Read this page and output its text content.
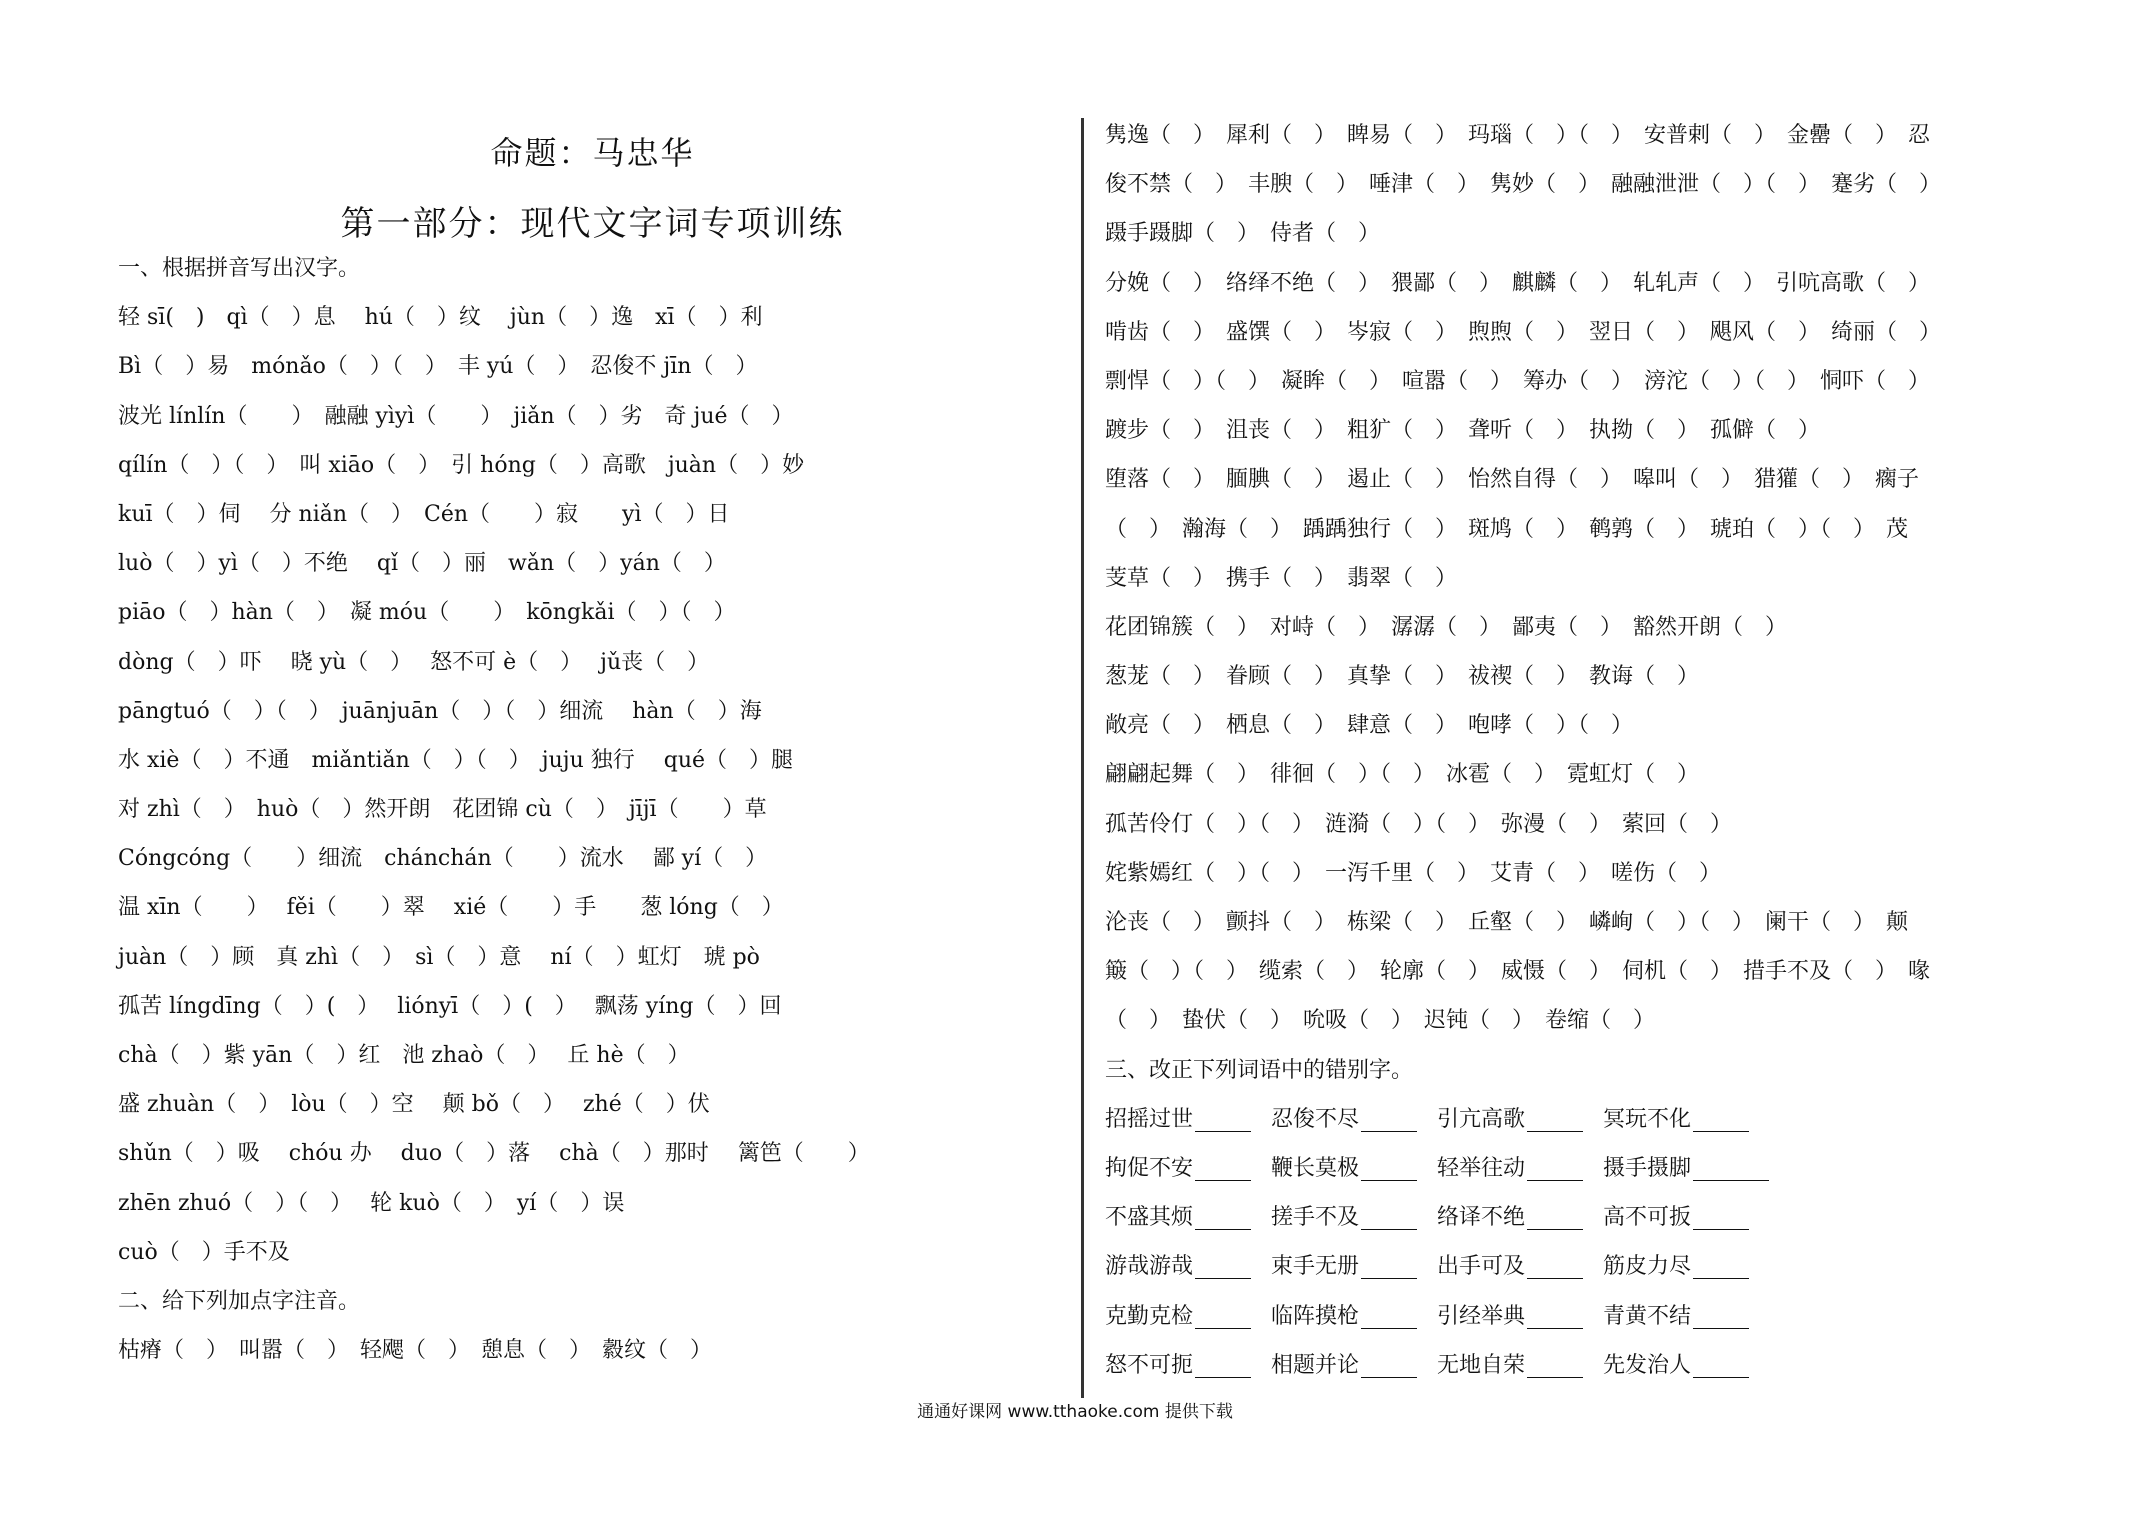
命题：马忠华
第一部分：现代文字词专项训练
一、根据拼音写出汉字。
轻 sī(　)　qì（　）息　 hú（　）纹　 jùn（　）逸　xī（　）利
Bì（　）易　mónǎo（　）（　）　丰 yú（　）　忍俊不 jīn（　）
波光 línlín（　　）　融融 yìyì（　　）　jiǎn（　）劣　奇 jué（　）
qílín（　）（　）　叫 xiāo（　）　引 hóng（　）高歌　juàn（　）妙
kuī（　）伺　 分 niǎn（　）　Cén（　　）寂　　yì（　）日
luò（　）yì（　）不绝　 qǐ（　）丽　wǎn（　）yán（　）
piāo（　）hàn（　）　凝 móu（　　）　kōngkǎi（　）（　）
dòng（　）吓　 晓 yù（　）　 怒不可 è（　）　 jǔ丧（　）
pāngtuó（　）（　）　juānjuān（　）（　）细流　 hàn（　）海
水 xiè（　）不通　miǎntiǎn（　）（　）　juju 独行　 qué（　）腿
对 zhì（　）　huò（　）然开朗　花团锦 cù（　）　jījī（　　）草
Cóngcóng（　　）细流　chánchán（　　）流水　 鄙 yí（　）
温 xīn（　　）　 fěi（　　）翠　 xié（　　）手　　葱 lóng（　）
juàn（　）顾　真 zhì（　）　sì（　）意　 ní（　）虹灯　琥 pò
孤苦 língdīng（　）(　）　 liónyī（　）(　）　 飘荡 yíng（　）回
chà（　）紫 yān（　）红　池 zhaò（　）　 丘 hè（　）
盛 zhuàn（　）　lòu（　）空　 颠 bǒ（　）　 zhé（　）伏
shǔn（　）吸　 chóu 办　 duo（　）落　 chà（　）那时　 篱笆（　　）
zhēn zhuó（　）（　）　 轮 kuò（　）　yí（　）误
cuò（　）手不及
二、给下列加点字注音。
枯瘠（　）　叫嚣（　）　轻飔（　）　憩息（　）　縠纹（　）
隽逸（　）　犀利（　）　睥易（　）　玛瑙（　）（　）　安普剌（　）　金罍（　）　忍
俊不禁（　）　丰腴（　）　唾津（　）　隽妙（　）　融融泄泄（　）（　）　蹇劣（　）
蹑手蹑脚（　）　侍者（　）
分娩（　）　络绎不绝（　）　猥鄙（　）　麒麟（　）　轧轧声（　）　引吭高歌（　）
啃齿（　）　盛馔（　）　岑寂（　）　煦煦（　）　翌日（　）　飓风（　）　绮丽（　）
剽悍（　）（　）　凝眸（　）　喧嚣（　）　筹办（　）　滂沱（　）（　）　恫吓（　）
踱步（　）　沮丧（　）　粗犷（　）　聋听（　）　执拗（　）　孤僻（　）
堕落（　）　腼腆（　）　遏止（　）　怡然自得（　）　嗥叫（　）　猎獾（　）　瘸子
（　）　瀚海（　）　踽踽独行（　）　斑鸠（　）　鹌鹑（　）　琥珀（　）（　）　茂
芰草（　）　携手（　）　翡翠（　）
花团锦簇（　）　对峙（　）　潺潺（　）　鄙夷（　）　豁然开朗（　）
葱茏（　）　眷顾（　）　真挚（　）　祓禊（　）　教诲（　）
敞亮（　）　栖息（　）　肆意（　）　咆哮（　）（　）
翩翩起舞（　）　徘徊（　）（　）　冰雹（　）　霓虹灯（　）
孤苦伶仃（　）（　）　涟漪（　）（　）　弥漫（　）　萦回（　）
姹紫嫣红（　）（　）　一泻千里（　）　艾青（　）　嗟伤（　）
沦丧（　）　颤抖（　）　栋梁（　）　丘壑（　）　嶙峋（　）（　）　阑干（　）　颠
簸（　）（　）　缆索（　）　轮廓（　）　威慑（　）　伺机（　）　措手不及（　）　喙
（　）　蛰伏（　）　吮吸（　）　迟钝（　）　卷缩（　）
三、改正下列词语中的错别字。
招摇过世	忍俊不尽	引亢高歌	冥玩不化
拘促不安	鞭长莫极	轻举往动	摄手摄脚
不盛其烦	搓手不及	络译不绝	高不可扳
游哉游哉	束手无册	出手可及	筋皮力尽
克勤克检	临阵摸枪	引经举典	青黄不结
怒不可扼	相题并论	无地自荣	先发治人
通通好课网 www.tthaoke.com 提供下载
